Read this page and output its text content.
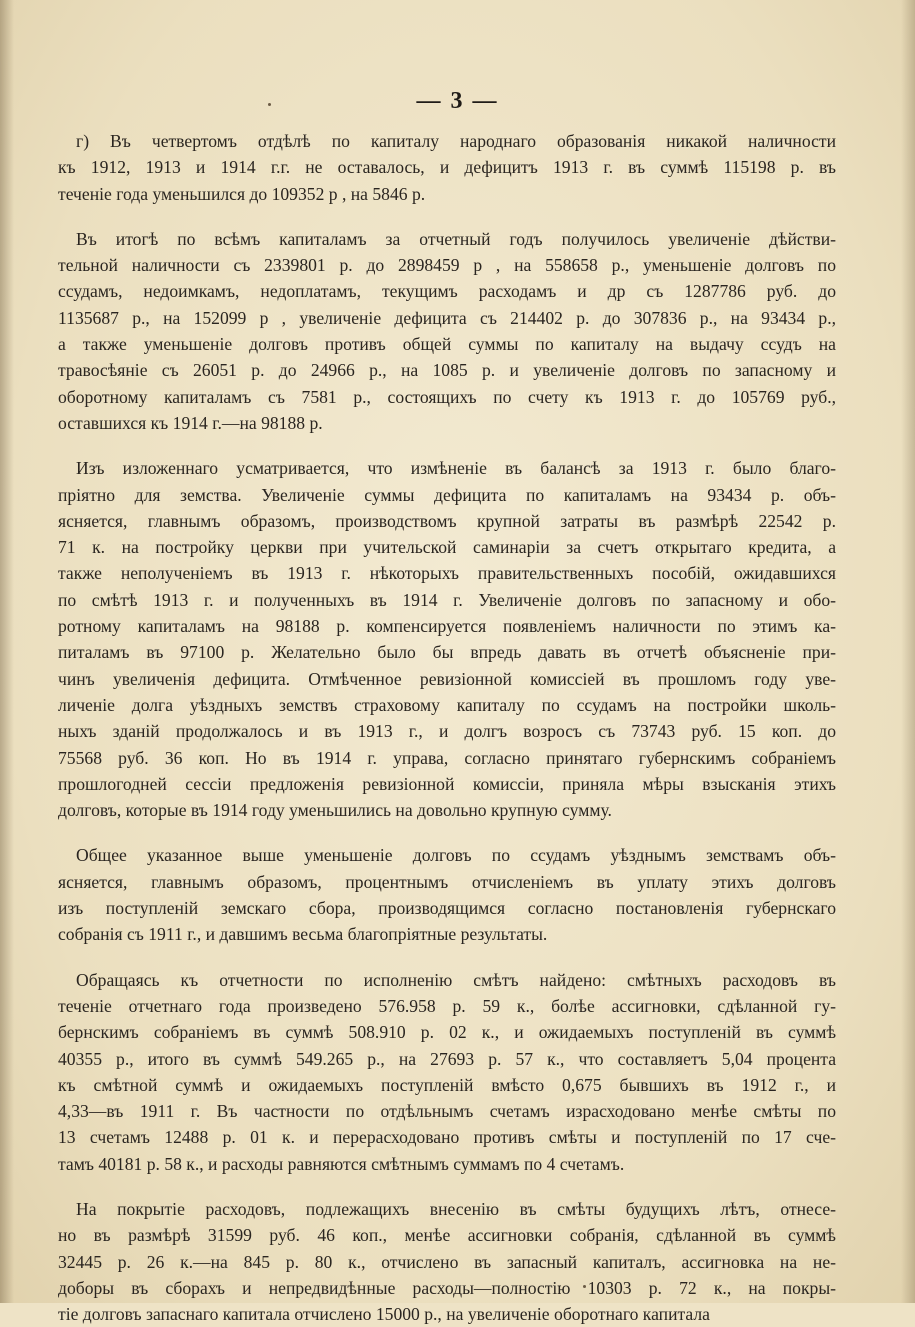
— 3 —
г) Въ четвертомъ отдѣлѣ по капиталу народнаго образованія никакой наличности
къ 1912, 1913 и 1914 г.г. не оставалось, и дефицитъ 1913 г. въ суммѣ 115198 р. въ
теченіе года уменьшился до 109352 р , на 5846 р.
Въ итогѣ по всѣмъ капиталамъ за отчетный годъ получилось увеличеніе дѣйстви-
тельной наличности съ 2339801 р. до 2898459 р , на 558658 р., уменьшеніе долговъ по
ссудамъ, недоимкамъ, недоплатамъ, текущимъ расходамъ и др съ 1287786 руб. до
1135687 р., на 152099 р , увеличеніе дефицита съ 214402 р. до 307836 р., на 93434 р.,
а также уменьшеніе долговъ противъ общей суммы по капиталу на выдачу ссудъ на
травосѣяніе съ 26051 р. до 24966 р., на 1085 р. и увеличеніе долговъ по запасному и
оборотному капиталамъ съ 7581 р., состоящихъ по счету къ 1913 г. до 105769 руб.,
оставшихся къ 1914 г.—на 98188 р.
Изъ изложеннаго усматривается, что измѣненіе въ балансѣ за 1913 г. было благо-
пріятно для земства. Увеличеніе суммы дефицита по капиталамъ на 93434 р. объ-
ясняется, главнымъ образомъ, производствомъ крупной затраты въ размѣрѣ 22542 р.
71 к. на постройку церкви при учительской саминаріи за счетъ открытаго кредита, а
также неполученіемъ въ 1913 г. нѣкоторыхъ правительственныхъ пособій, ожидавшихся
по смѣтѣ 1913 г. и полученныхъ въ 1914 г. Увеличеніе долговъ по запасному и обо-
ротному капиталамъ на 98188 р. компенсируется появленіемъ наличности по этимъ ка-
питаламъ въ 97100 р. Желательно было бы впредь давать въ отчетѣ объясненіе при-
чинъ увеличенія дефицита. Отмѣченное ревизіонной комиссіей въ прошломъ году уве-
личеніе долга уѣздныхъ земствъ страховому капиталу по ссудамъ на постройки школь-
ныхъ зданій продолжалось и въ 1913 г., и долгъ возросъ съ 73743 руб. 15 коп. до
75568 руб. 36 коп. Но въ 1914 г. управа, согласно принятаго губернскимъ собраніемъ
прошлогодней сессіи предложенія ревизіонной комиссіи, приняла мѣры взысканія этихъ
долговъ, которые въ 1914 году уменьшились на довольно крупную сумму.
Общее указанное выше уменьшеніе долговъ по ссудамъ уѣзднымъ земствамъ объ-
ясняется, главнымъ образомъ, процентнымъ отчисленіемъ въ уплату этихъ долговъ
изъ поступленій земскаго сбора, производящимся согласно постановленія губернскаго
собранія съ 1911 г., и давшимъ весьма благопріятные результаты.
Обращаясь къ отчетности по исполненію смѣтъ найдено: смѣтныхъ расходовъ въ
теченіе отчетнаго года произведено 576.958 р. 59 к., болѣе ассигновки, сдѣланной гу-
бернскимъ собраніемъ въ суммѣ 508.910 р. 02 к., и ожидаемыхъ поступленій въ суммѣ
40355 р., итого въ суммѣ 549.265 р., на 27693 р. 57 к., что составляетъ 5,04 процента
къ смѣтной суммѣ и ожидаемыхъ поступленій вмѣсто 0,675 бывшихъ въ 1912 г., и
4,33—въ 1911 г. Въ частности по отдѣльнымъ счетамъ израсходовано менѣе смѣты по
13 счетамъ 12488 р. 01 к. и перерасходовано противъ смѣты и поступленій по 17 сче-
тамъ 40181 р. 58 к., и расходы равняются смѣтнымъ суммамъ по 4 счетамъ.
На покрытіе расходовъ, подлежащихъ внесенію въ смѣты будущихъ лѣтъ, отнесе-
но въ размѣрѣ 31599 руб. 46 коп., менѣе ассигновки собранія, сдѣланной въ суммѣ
32445 р. 26 к.—на 845 р. 80 к., отчислено въ запасный капиталъ, ассигновка на не-
доборы въ сборахъ и непредвидѣнные расходы—полностію 10303 р. 72 к., на покры-
тіе долговъ запаснаго капитала отчислено 15000 р., на увеличеніе оборотнаго капитала
